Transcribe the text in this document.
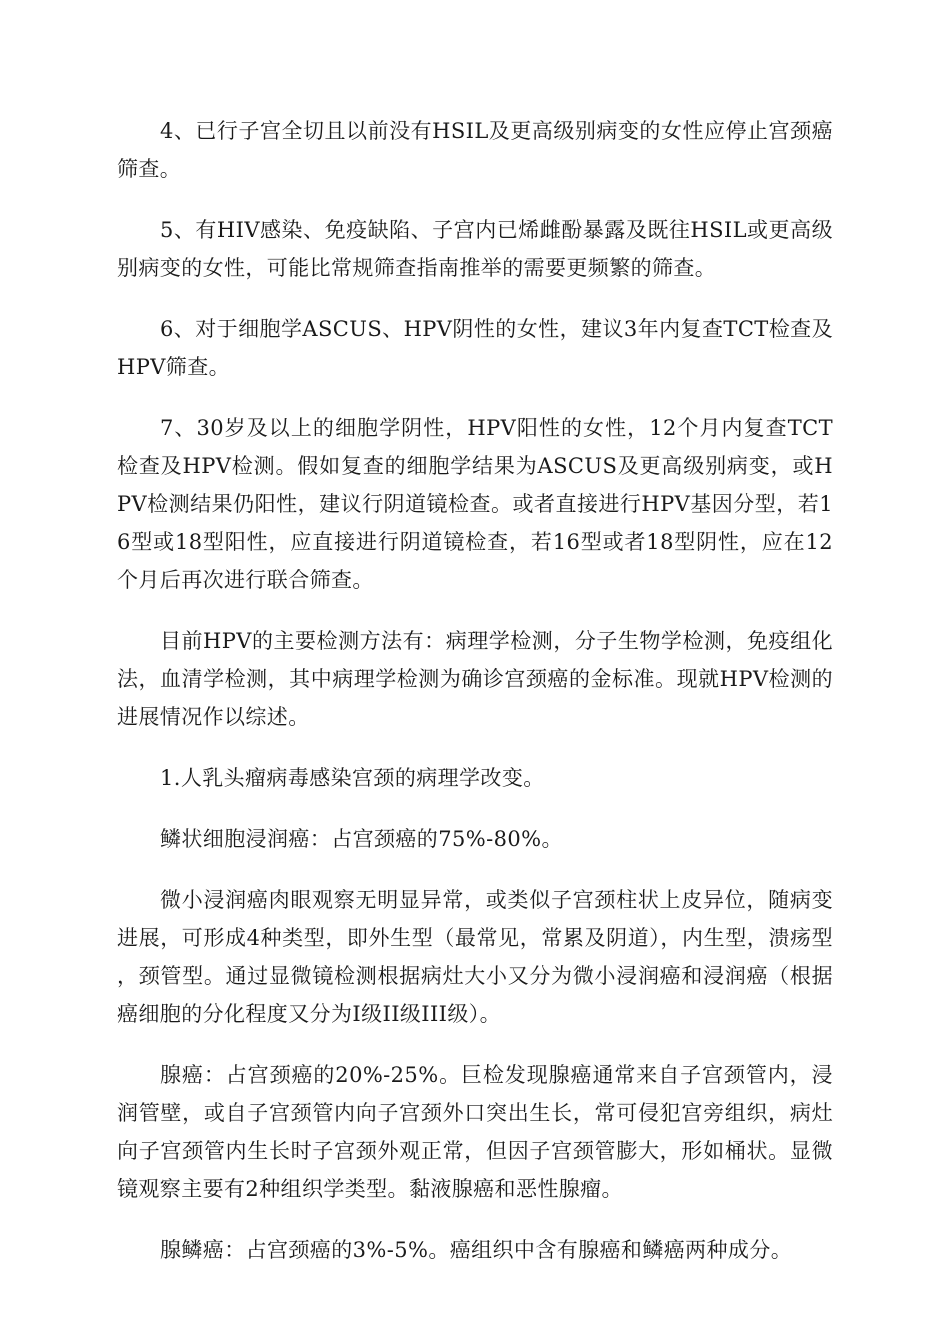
4、已行子宫全切且以前没有HSIL及更高级别病变的女性应停止宫颈癌筛查。

5、有HIV感染、免疫缺陷、子宫内已烯雌酚暴露及既往HSIL或更高级别病变的女性，可能比常规筛查指南推举的需要更频繁的筛查。

6、对于细胞学ASCUS、HPV阴性的女性，建议3年内复查TCT检查及HPV筛查。

7、30岁及以上的细胞学阴性，HPV阳性的女性，12个月内复查TCT检查及HPV检测。假如复查的细胞学结果为ASCUS及更高级别病变，或HPV检测结果仍阳性，建议行阴道镜检查。或者直接进行HPV基因分型，若16型或18型阳性，应直接进行阴道镜检查，若16型或者18型阴性，应在12个月后再次进行联合筛查。

目前HPV的主要检测方法有：病理学检测，分子生物学检测，免疫组化法，血清学检测，其中病理学检测为确诊宫颈癌的金标准。现就HPV检测的进展情况作以综述。

1.人乳头瘤病毒感染宫颈的病理学改变。

鳞状细胞浸润癌：占宫颈癌的75%-80%。

微小浸润癌肉眼观察无明显异常，或类似子宫颈柱状上皮异位，随病变进展，可形成4种类型，即外生型（最常见，常累及阴道），内生型，溃疡型，颈管型。通过显微镜检测根据病灶大小又分为微小浸润癌和浸润癌（根据癌细胞的分化程度又分为I级II级III级）。

腺癌：占宫颈癌的20%-25%。巨检发现腺癌通常来自子宫颈管内，浸润管壁，或自子宫颈管内向子宫颈外口突出生长，常可侵犯宫旁组织，病灶向子宫颈管内生长时子宫颈外观正常，但因子宫颈管膨大，形如桶状。显微镜观察主要有2种组织学类型。黏液腺癌和恶性腺瘤。

腺鳞癌：占宫颈癌的3%-5%。癌组织中含有腺癌和鳞癌两种成分。
